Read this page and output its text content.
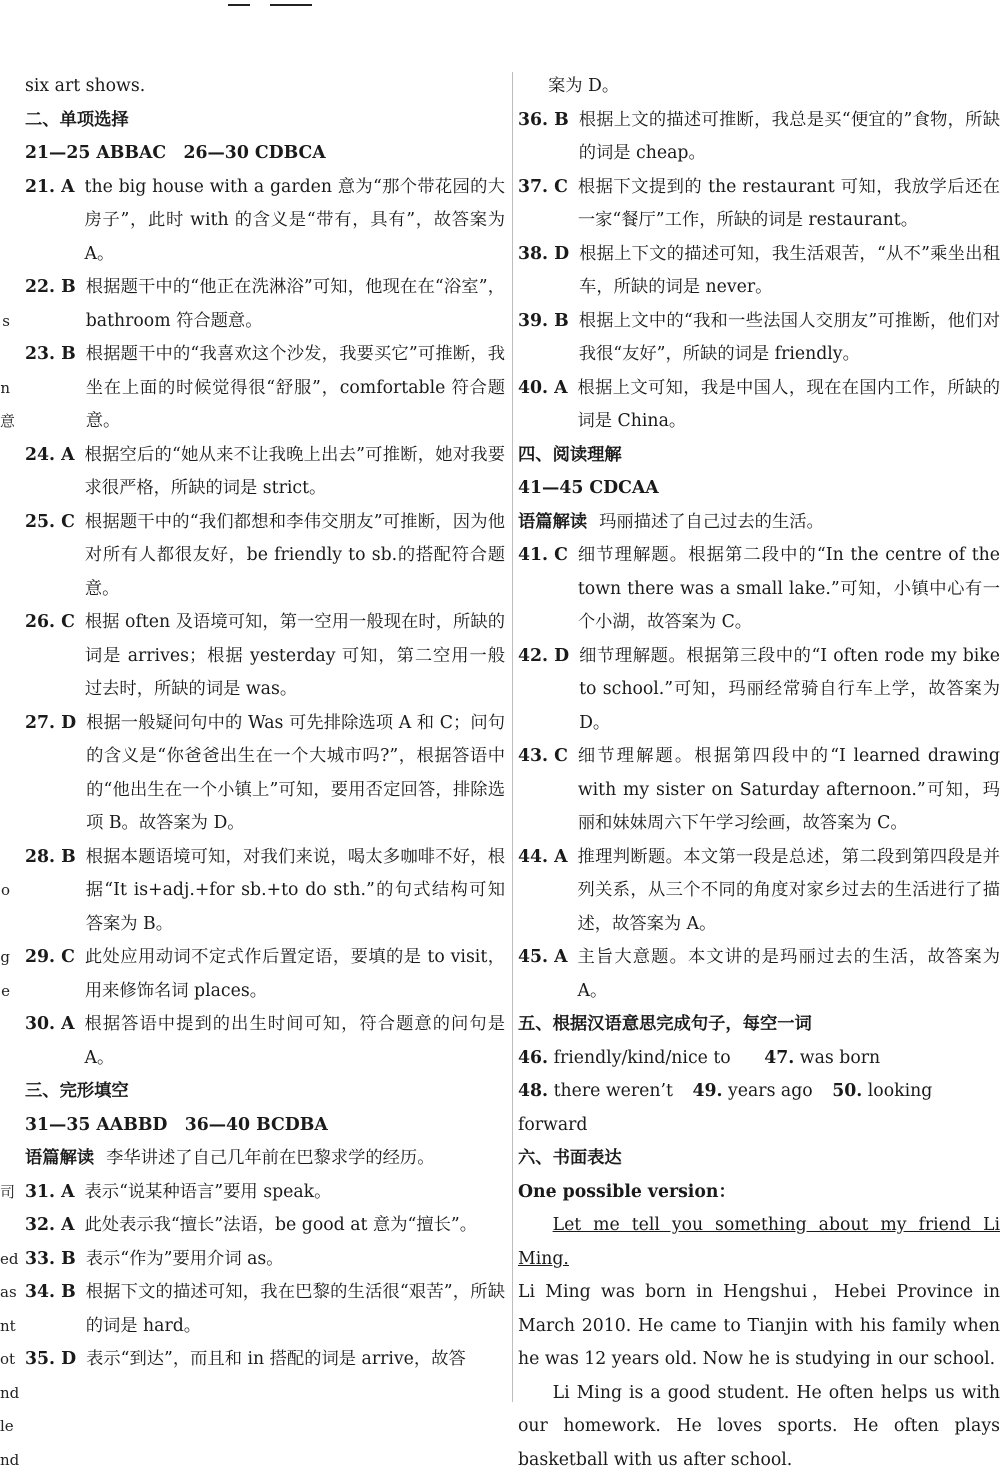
s
n
意
o
g
e
司
ed
as
nt
ot
nd
le
nd

six art shows.

二、单项选择

21—25 ABBAC　26—30 CDBCA

21. A the big house with a garden 意为“那个带花园的大房子”，此时 with 的含义是“带有，具有”，故答案为 A。
22. B 根据题干中的“他正在洗淋浴”可知，他现在在“浴室”，bathroom 符合题意。
23. B 根据题干中的“我喜欢这个沙发，我要买它”可推断，我坐在上面的时候觉得很“舒服”，comfortable 符合题意。
24. A 根据空后的“她从来不让我晚上出去”可推断，她对我要求很严格，所缺的词是 strict。
25. C 根据题干中的“我们都想和李伟交朋友”可推断，因为他对所有人都很友好，be friendly to sb.的搭配符合题意。
26. C 根据 often 及语境可知，第一空用一般现在时，所缺的词是 arrives；根据 yesterday 可知，第二空用一般过去时，所缺的词是 was。
27. D 根据一般疑问句中的 Was 可先排除选项 A 和 C；问句的含义是“你爸爸出生在一个大城市吗?”，根据答语中的“他出生在一个小镇上”可知，要用否定回答，排除选项 B。故答案为 D。
28. B 根据本题语境可知，对我们来说，喝太多咖啡不好，根据“It is+adj.+for sb.+to do sth.”的句式结构可知答案为 B。
29. C 此处应用动词不定式作后置定语，要填的是 to visit，用来修饰名词 places。
30. A 根据答语中提到的出生时间可知，符合题意的问句是 A。

三、完形填空

31—35 AABBD　36—40 BCDBA

语篇解读 李华讲述了自己几年前在巴黎求学的经历。

31. A 表示“说某种语言”要用 speak。
32. A 此处表示我“擅长”法语，be good at 意为“擅长”。
33. B 表示“作为”要用介词 as。
34. B 根据下文的描述可知，我在巴黎的生活很“艰苦”，所缺的词是 hard。
35. D 表示“到达”，而且和 in 搭配的词是 arrive，故答

案为 D。

36. B 根据上文的描述可推断，我总是买“便宜的”食物，所缺的词是 cheap。
37. C 根据下文提到的 the restaurant 可知，我放学后还在一家“餐厅”工作，所缺的词是 restaurant。
38. D 根据上下文的描述可知，我生活艰苦，“从不”乘坐出租车，所缺的词是 never。
39. B 根据上文中的“我和一些法国人交朋友”可推断，他们对我很“友好”，所缺的词是 friendly。
40. A 根据上文可知，我是中国人，现在在国内工作，所缺的词是 China。

四、阅读理解

41—45 CDCAA

语篇解读 玛丽描述了自己过去的生活。

41. C 细节理解题。根据第二段中的“In the centre of the town there was a small lake.”可知，小镇中心有一个小湖，故答案为 C。
42. D 细节理解题。根据第三段中的“I often rode my bike to school.”可知，玛丽经常骑自行车上学，故答案为 D。
43. C 细节理解题。根据第四段中的“I learned drawing with my sister on Saturday afternoon.”可知，玛丽和妹妹周六下午学习绘画，故答案为 C。
44. A 推理判断题。本文第一段是总述，第二段到第四段是并列关系，从三个不同的角度对家乡过去的生活进行了描述，故答案为 A。
45. A 主旨大意题。本文讲的是玛丽过去的生活，故答案为 A。

五、根据汉语意思完成句子，每空一词

46. friendly/kind/nice to 47. was born

48. there weren’t 49. years ago 50. looking forward

六、书面表达

One possible version：

Let me tell you something about my friend Li Ming.

Li Ming was born in Hengshui，Hebei Province in March 2010. He came to Tianjin with his family when he was 12 years old. Now he is studying in our school.

Li Ming is a good student. He often helps us with our homework. He loves sports. He often plays basketball with us after school.
